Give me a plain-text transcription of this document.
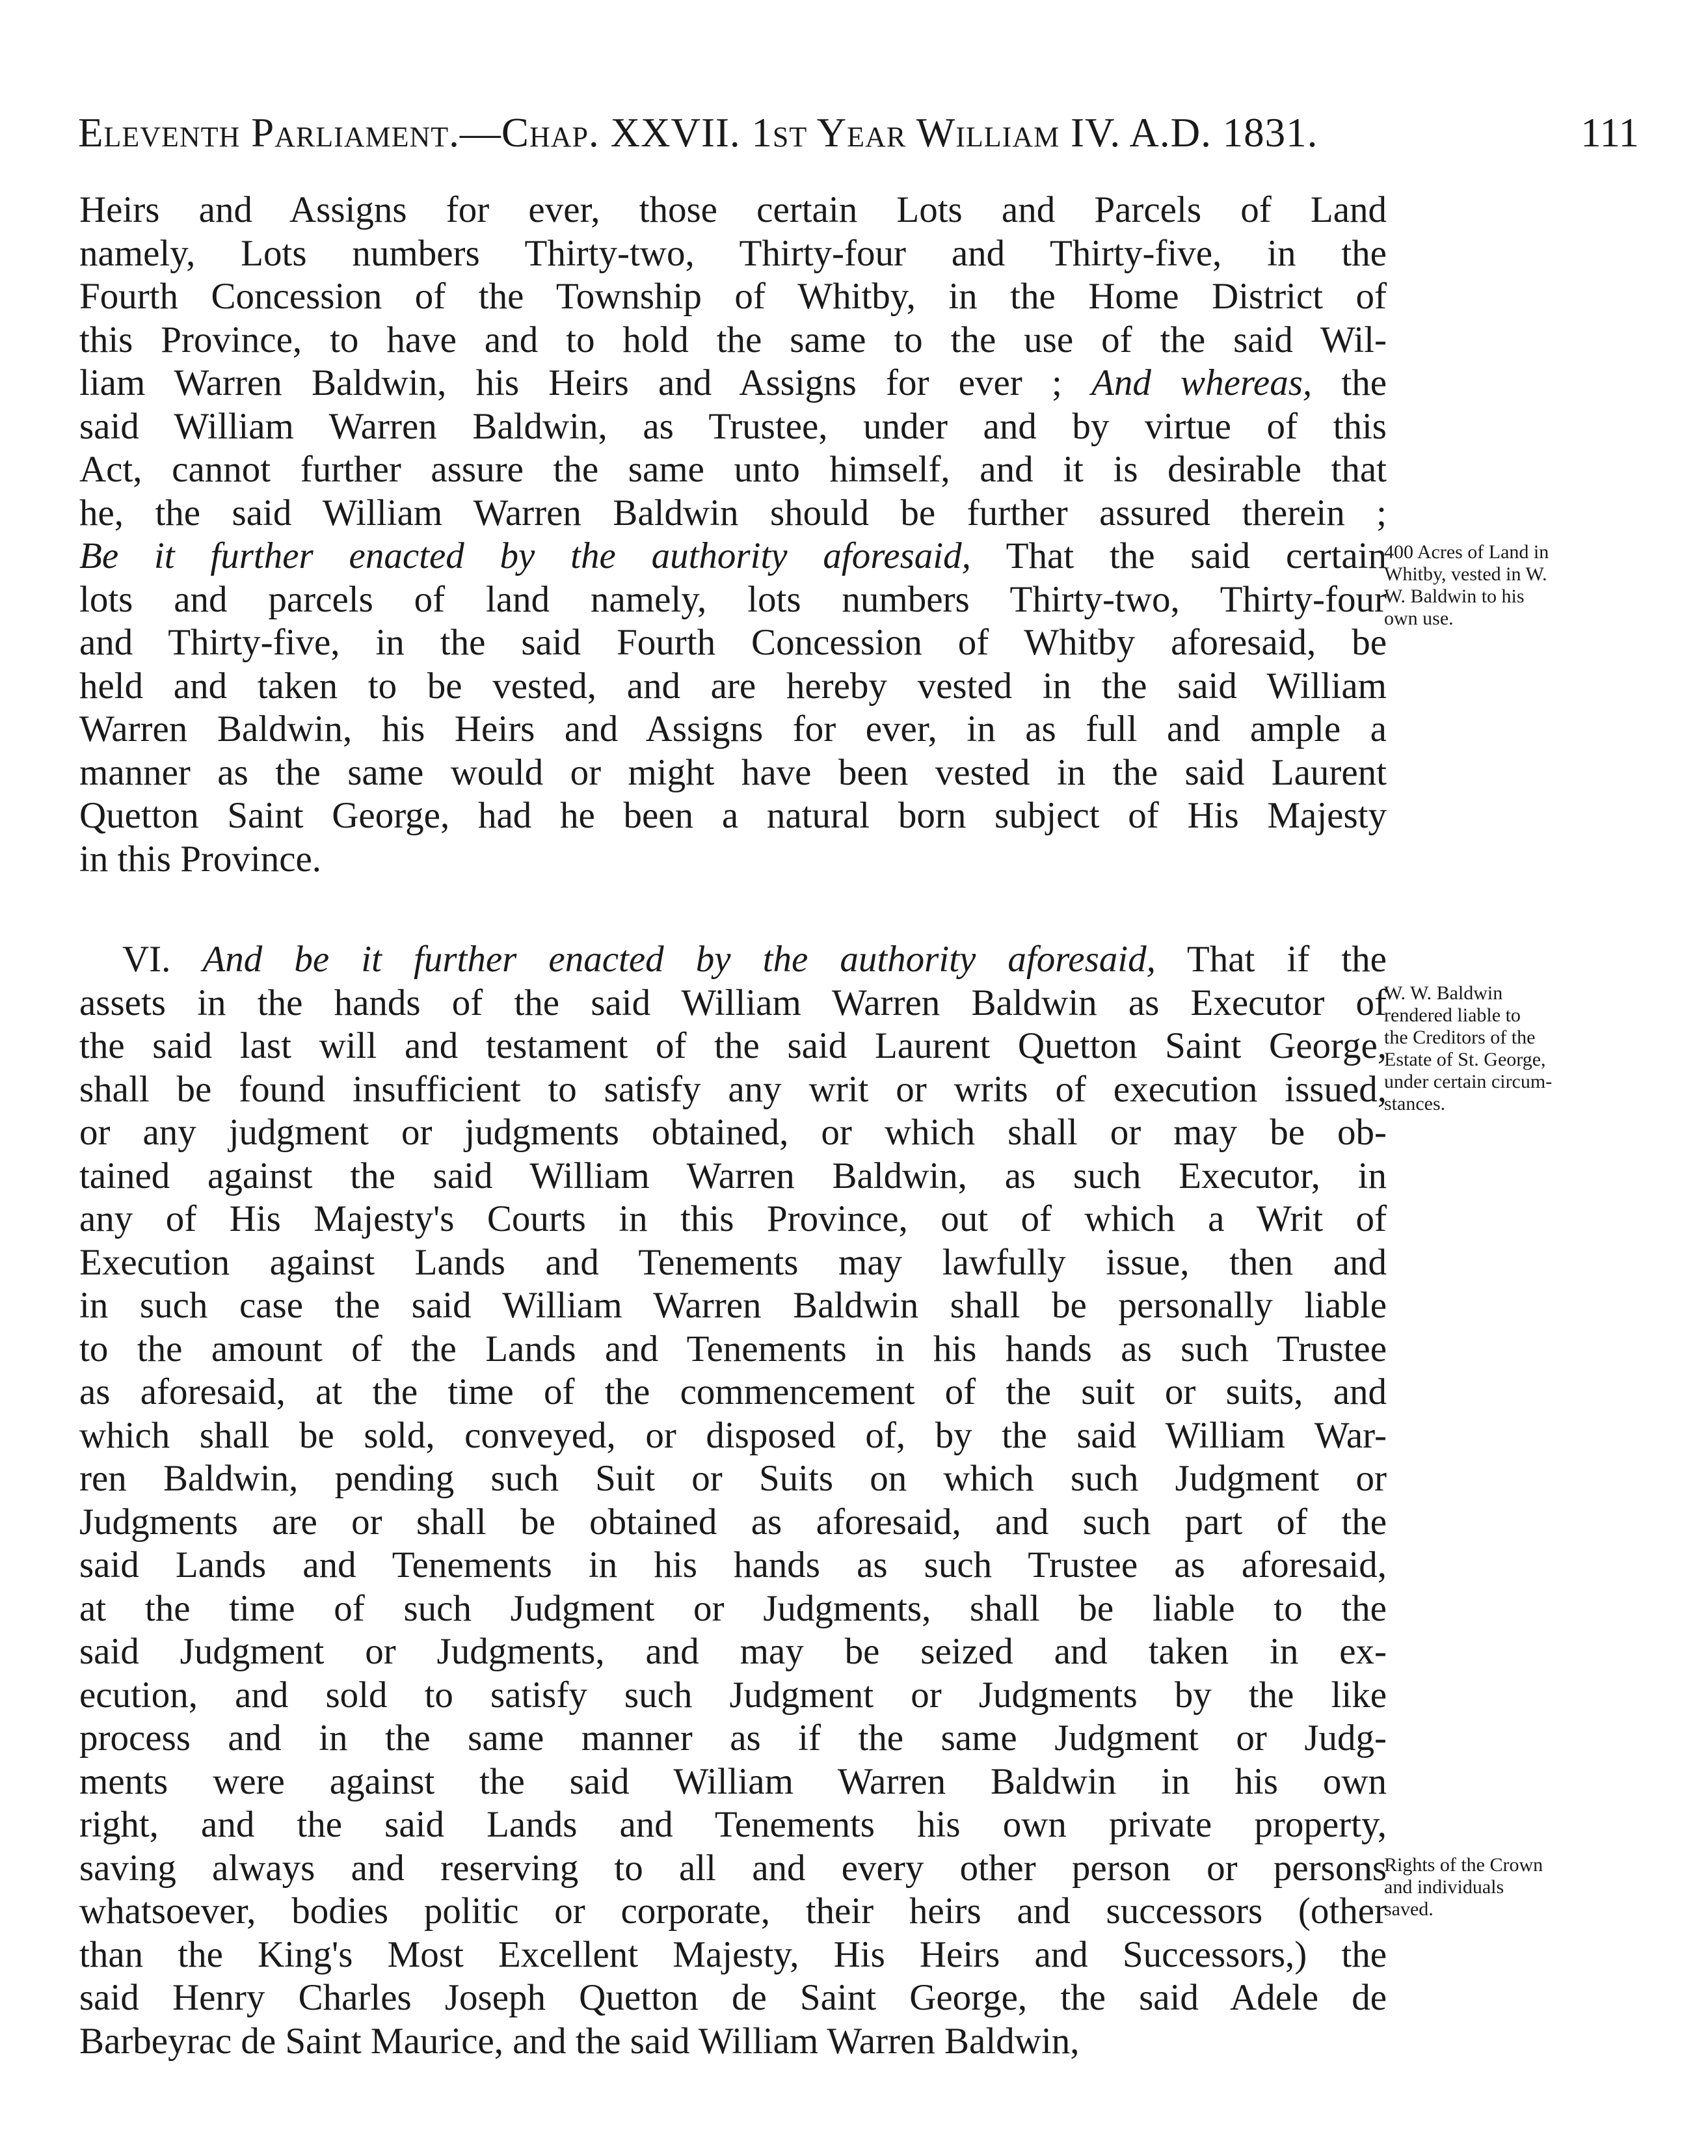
Eleventh Parliament.—Chap. XXVII. 1st Year William IV. A.D. 1831.	111
Heirs and Assigns for ever, those certain Lots and Parcels of Land
namely, Lots numbers Thirty-two, Thirty-four and Thirty-five, in the
Fourth Concession of the Township of Whitby, in the Home District of
this Province, to have and to hold the same to the use of the said Wil-
liam Warren Baldwin, his Heirs and Assigns for ever ; And whereas, the
said William Warren Baldwin, as Trustee, under and by virtue of this
Act, cannot further assure the same unto himself, and it is desirable that
he, the said William Warren Baldwin should be further assured therein ;
Be it further enacted by the authority aforesaid, That the said certain
lots and parcels of land namely, lots numbers Thirty-two, Thirty-four
and Thirty-five, in the said Fourth Concession of Whitby aforesaid, be
held and taken to be vested, and are hereby vested in the said William
Warren Baldwin, his Heirs and Assigns for ever, in as full and ample a
manner as the same would or might have been vested in the said Laurent
Quetton Saint George, had he been a natural born subject of His Majesty
in this Province.
VI. And be it further enacted by the authority aforesaid, That if the
assets in the hands of the said William Warren Baldwin as Executor of
the said last will and testament of the said Laurent Quetton Saint George,
shall be found insufficient to satisfy any writ or writs of execution issued,
or any judgment or judgments obtained, or which shall or may be ob-
tained against the said William Warren Baldwin, as such Executor, in
any of His Majesty's Courts in this Province, out of which a Writ of
Execution against Lands and Tenements may lawfully issue, then and
in such case the said William Warren Baldwin shall be personally liable
to the amount of the Lands and Tenements in his hands as such Trustee
as aforesaid, at the time of the commencement of the suit or suits, and
which shall be sold, conveyed, or disposed of, by the said William War-
ren Baldwin, pending such Suit or Suits on which such Judgment or
Judgments are or shall be obtained as aforesaid, and such part of the
said Lands and Tenements in his hands as such Trustee as aforesaid,
at the time of such Judgment or Judgments, shall be liable to the
said Judgment or Judgments, and may be seized and taken in ex-
ecution, and sold to satisfy such Judgment or Judgments by the like
process and in the same manner as if the same Judgment or Judg-
ments were against the said William Warren Baldwin in his own
right, and the said Lands and Tenements his own private property,
saving always and reserving to all and every other person or persons
whatsoever, bodies politic or corporate, their heirs and successors (other
than the King's Most Excellent Majesty, His Heirs and Successors,) the
said Henry Charles Joseph Quetton de Saint George, the said Adele de
Barbeyrac de Saint Maurice, and the said William Warren Baldwin,
400 Acres of Land in
Whitby, vested in W.
W. Baldwin to his
own use.
W. W. Baldwin
rendered liable to
the Creditors of the
Estate of St. George,
under certain circum-
stances.
Rights of the Crown
and individuals
saved.
